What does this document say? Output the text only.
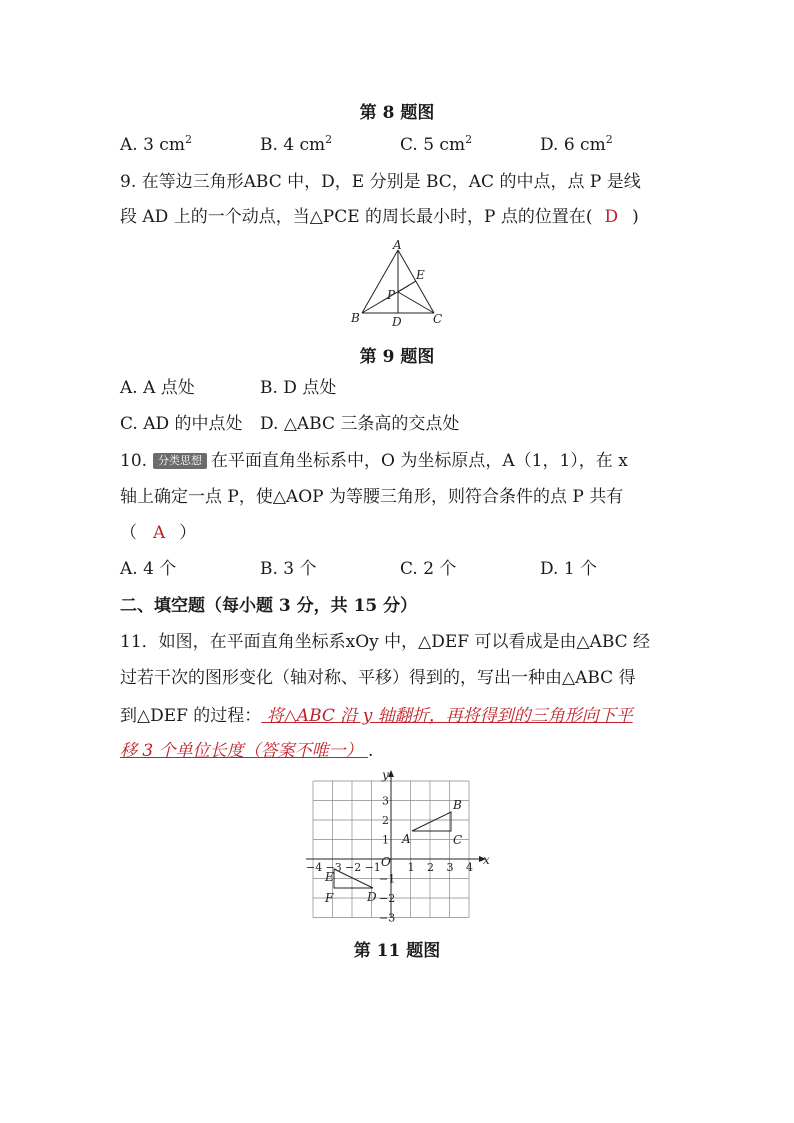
第 8 题图
A. 3 $cm^2$	B. 4 $cm^2$	C. 5 $cm^2$	D. 6 $cm^2$
9. 在等边三角形ABC 中，D，E 分别是 BC，AC 的中点，点 P 是线
段 AD 上的一个动点，当△PCE 的周长最小时，P 点的位置在( D )
A
B	C
D
E
P
第 9 题图
A. A 点处	B. D 点处
C. AD 的中点处 D. △ABC 三条高的交点处
10. 分类思想 在平面直角坐标系中，O 为坐标原点，A（1，1），在 x
轴上确定一点 P，使△AOP 为等腰三角形，则符合条件的点 P 共有
（ A ）
A. 4 个	B. 3 个	C. 2 个	D. 1 个
二、填空题（每小题 3 分，共 15 分）
11．如图，在平面直角坐标系xOy 中，△DEF 可以看成是由△ABC 经
过若干次的图形变化（轴对称、平移）得到的，写出一种由△ABC 得
到△DEF 的过程： 将△ABC 沿 y 轴翻折，再将得到的三角形向下平
移 3 个单位长度（答案不唯一） .
x
y
O
A
B
C
D
E
F
−4 −3 −2 −1 1 2 3 4
3
2
1
−1
−2
−3
第 11 题图
